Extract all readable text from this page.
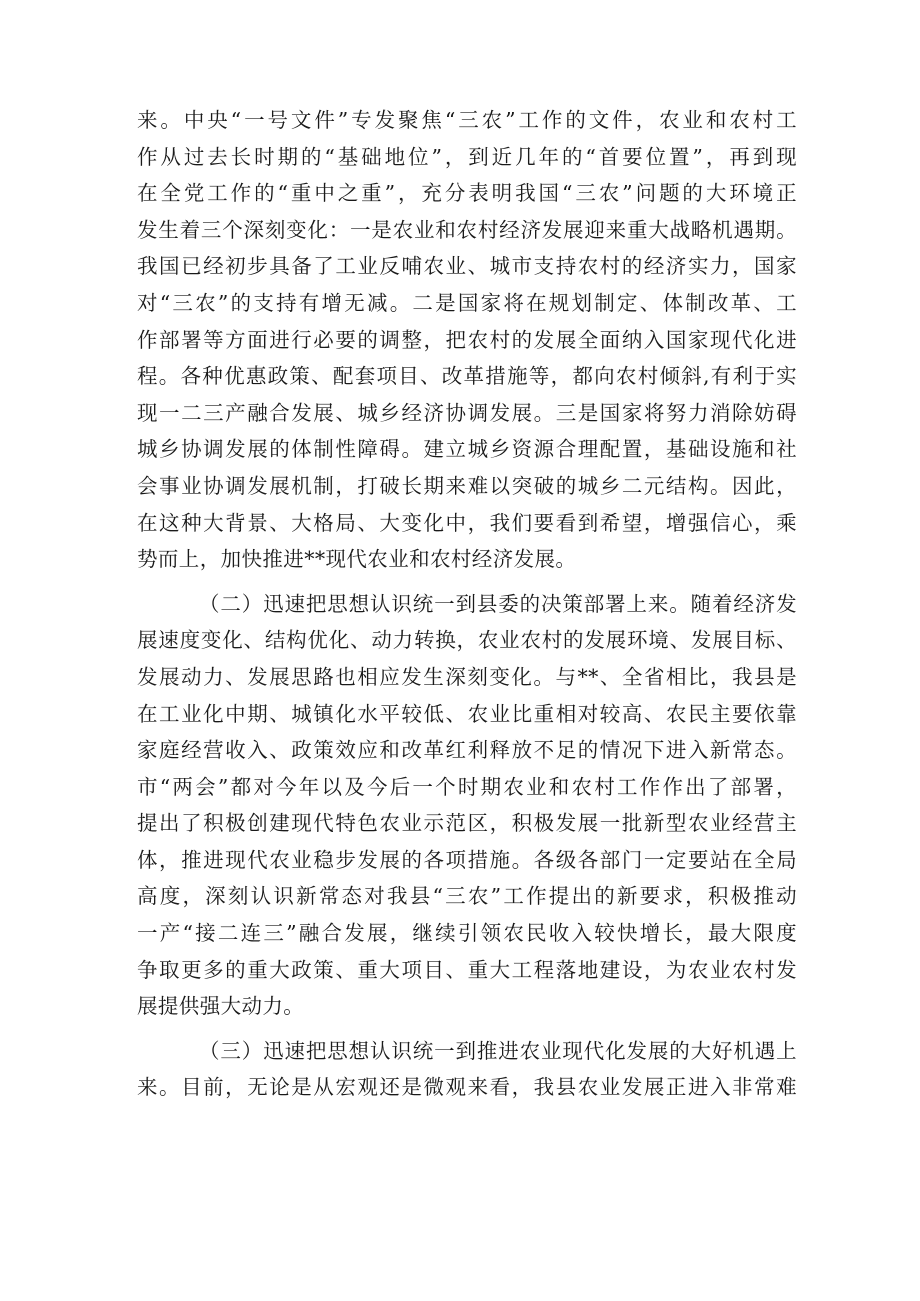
来。中央“一号文件”专发聚焦“三农”工作的文件，农业和农村工
作从过去长时期的“基础地位”，到近几年的“首要位置”，再到现
在全党工作的“重中之重”，充分表明我国“三农”问题的大环境正
发生着三个深刻变化：一是农业和农村经济发展迎来重大战略机遇期。
我国已经初步具备了工业反哺农业、城市支持农村的经济实力，国家
对“三农”的支持有增无减。二是国家将在规划制定、体制改革、工
作部署等方面进行必要的调整，把农村的发展全面纳入国家现代化进
程。各种优惠政策、配套项目、改革措施等，都向农村倾斜,有利于实
现一二三产融合发展、城乡经济协调发展。三是国家将努力消除妨碍
城乡协调发展的体制性障碍。建立城乡资源合理配置，基础设施和社
会事业协调发展机制，打破长期来难以突破的城乡二元结构。因此，
在这种大背景、大格局、大变化中，我们要看到希望，增强信心，乘
势而上，加快推进**现代农业和农村经济发展。
（二）迅速把思想认识统一到县委的决策部署上来。随着经济发
展速度变化、结构优化、动力转换，农业农村的发展环境、发展目标、
发展动力、发展思路也相应发生深刻变化。与**、全省相比，我县是
在工业化中期、城镇化水平较低、农业比重相对较高、农民主要依靠
家庭经营收入、政策效应和改革红利释放不足的情况下进入新常态。
市“两会”都对今年以及今后一个时期农业和农村工作作出了部署，
提出了积极创建现代特色农业示范区，积极发展一批新型农业经营主
体，推进现代农业稳步发展的各项措施。各级各部门一定要站在全局
高度，深刻认识新常态对我县“三农”工作提出的新要求，积极推动
一产“接二连三”融合发展，继续引领农民收入较快增长，最大限度
争取更多的重大政策、重大项目、重大工程落地建设，为农业农村发
展提供强大动力。
（三）迅速把思想认识统一到推进农业现代化发展的大好机遇上
来。目前，无论是从宏观还是微观来看，我县农业发展正进入非常难
